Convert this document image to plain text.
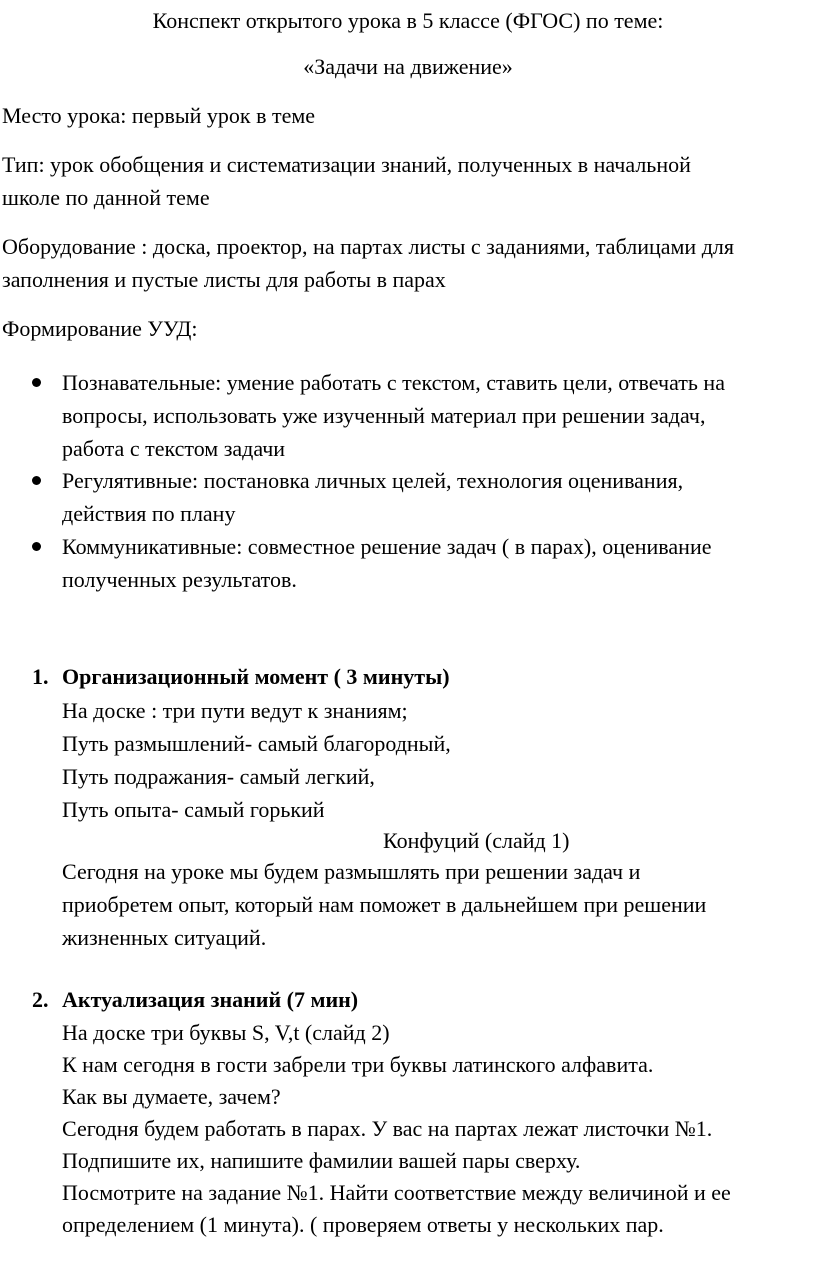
Конспект открытого урока в 5 классе (ФГОС) по теме:
«Задачи на движение»
Место урока: первый урок в теме
Тип: урок обобщения и систематизации знаний, полученных в начальной
школе по данной теме
Оборудование : доска, проектор, на партах листы с заданиями, таблицами для
заполнения и пустые листы для работы в парах
Формирование УУД:
Познавательные: умение работать с текстом, ставить цели, отвечать на
вопросы, использовать уже изученный материал при решении задач,
работа с текстом задачи
Регулятивные: постановка личных целей, технология оценивания,
действия по плану
Коммуникативные: совместное решение задач ( в парах), оценивание
полученных результатов.
1. Организационный момент ( 3 минуты)
На доске : три пути ведут к знаниям;
Путь размышлений- самый благородный,
Путь подражания- самый легкий,
Путь опыта- самый горький
Конфуций (слайд 1)
Сегодня на уроке мы будем размышлять при решении задач и
приобретем опыт, который нам поможет в дальнейшем при решении
жизненных ситуаций.
2. Актуализация знаний (7 мин)
На доске три буквы S, V,t (слайд 2)
К нам сегодня в гости забрели три буквы латинского алфавита.
Как вы думаете, зачем?
Сегодня будем работать в парах. У вас на партах лежат листочки №1.
Подпишите их, напишите фамилии вашей пары сверху.
Посмотрите на задание №1. Найти соответствие между величиной и ее
определением (1 минута). ( проверяем ответы у нескольких пар.
